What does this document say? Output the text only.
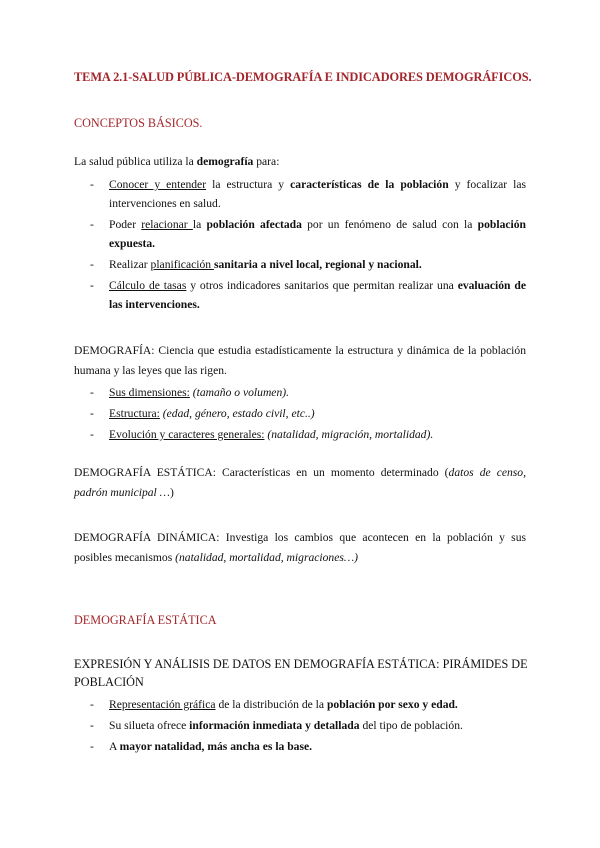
TEMA 2.1-SALUD PÚBLICA-DEMOGRAFÍA E INDICADORES DEMOGRÁFICOS.
CONCEPTOS BÁSICOS.
La salud pública utiliza la demografía para:
- Conocer y entender la estructura y características de la población y focalizar las intervenciones en salud.
- Poder relacionar la población afectada por un fenómeno de salud con la población expuesta.
- Realizar planificación sanitaria a nivel local, regional y nacional.
- Cálculo de tasas y otros indicadores sanitarios que permitan realizar una evaluación de las intervenciones.
DEMOGRAFÍA: Ciencia que estudia estadísticamente la estructura y dinámica de la población humana y las leyes que las rigen.
- Sus dimensiones: (tamaño o volumen).
- Estructura: (edad, género, estado civil, etc..)
- Evolución y caracteres generales: (natalidad, migración, mortalidad).
DEMOGRAFÍA ESTÁTICA: Características en un momento determinado (datos de censo, padrón municipal …)
DEMOGRAFÍA DINÁMICA: Investiga los cambios que acontecen en la población y sus posibles mecanismos (natalidad, mortalidad, migraciones…)
DEMOGRAFÍA ESTÁTICA
EXPRESIÓN Y ANÁLISIS DE DATOS EN DEMOGRAFÍA ESTÁTICA: PIRÁMIDES DE POBLACIÓN
- Representación gráfica de la distribución de la población por sexo y edad.
- Su silueta ofrece información inmediata y detallada del tipo de población.
- A mayor natalidad, más ancha es la base.
